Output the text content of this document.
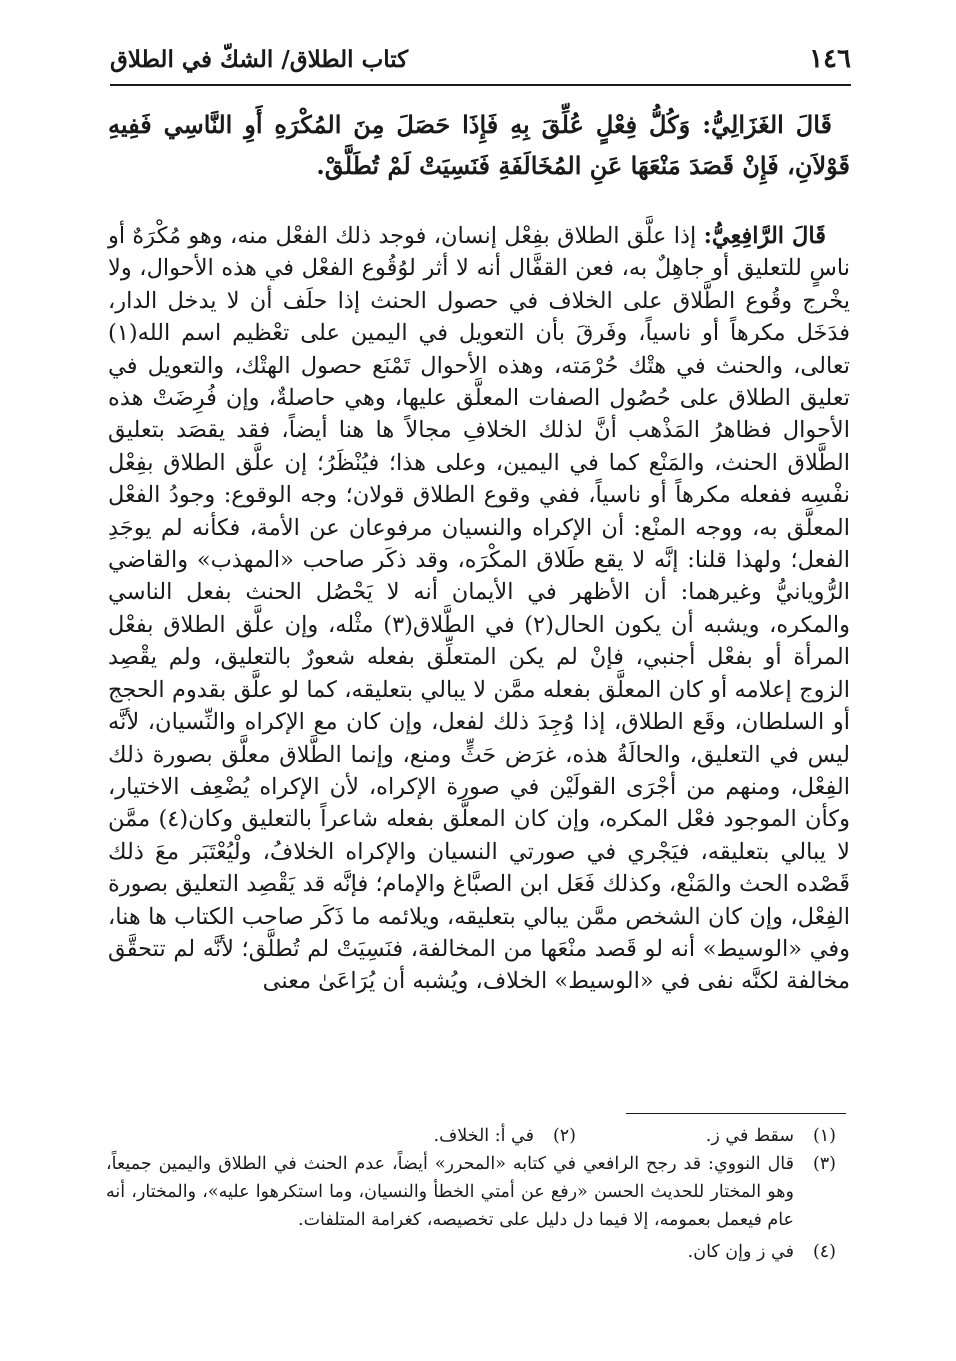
١٤٦
كتاب الطلاق/ الشكّ في الطلاق

قَالَ الغَزَالِيُّ: وَكُلُّ فِعْلٍ عُلِّقَ بِهِ فَإِذَا حَصَلَ مِنَ المُكْرَهِ أَوِ النَّاسِي فَفِيهِ قَوْلاَنِ، فَإِنْ قَصَدَ مَنْعَهَا عَنِ المُخَالَفَةِ فَنَسِيَتْ لَمْ تُطَلَّقْ.

قَالَ الرَّافِعِيُّ: إذا علَّق الطلاق بفِعْل إنسان، فوجد ذلك الفعْل منه، وهو مُكْرَهٌ أو ناسٍ للتعليق أو جاهِلٌ به، فعن القفَّال أنه لا أثر لوُقُوع الفعْل في هذه الأحوال، ولا يخْرج وقُوع الطَّلاق على الخلاف في حصول الحنث إذا حلَف أن لا يدخل الدار، فدَخَل مكرهاً أو ناسياً، وفَرقَ بأن التعويل في اليمين على تعْظيم اسم الله(١) تعالى، والحنث في هتْك حُرْمَته، وهذه الأحوال تَمْنَع حصول الهتْك، والتعويل في تعليق الطلاق على حُصُول الصفات المعلَّق عليها، وهي حاصلةٌ، وإن فُرِضَتْ هذه الأحوال فظاهرُ المَذْهب أنَّ لذلك الخلافِ مجالاً ها هنا أيضاً، فقد يقصَد بتعليق الطَّلاق الحنث، والمَنْع كما في اليمين، وعلى هذا؛ فيُنْظَرُ؛ إن علَّق الطلاق بفِعْل نفْسِه ففعله مكرهاً أو ناسياً، ففي وقوع الطلاق قولان؛ وجه الوقوع: وجودُ الفعْل المعلَّق به، ووجه المنْع: أن الإكراه والنسيان مرفوعان عن الأمة، فكأنه لم يوجَدِ الفعل؛ ولهذا قلنا: إنَّه لا يقع طَلاق المكْرَه، وقد ذكَر صاحب «المهذب» والقاضي الرُّويانيُّ وغيرهما: أن الأظهر في الأيمان أنه لا يَحْصُل الحنث بفعل الناسي والمكره، ويشبه أن يكون الحال(٢) في الطَّلاق(٣) مثْله، وإن علَّق الطلاق بفعْل المرأة أو بفعْل أجنبي، فإنْ لم يكن المتعلِّق بفعله شعورٌ بالتعليق، ولم يقْصِد الزوج إعلامه أو كان المعلَّق بفعله ممَّن لا يبالي بتعليقه، كما لو علَّق بقدوم الحجج أو السلطان، وقَع الطلاق، إذا وُجِدَ ذلك لفعل، وإن كان مع الإكراه والنِّسيان، لأنَّه ليس في التعليق، والحالَةُ هذه، غرَض حَثٍّ ومنع، وإنما الطَّلاق معلَّق بصورة ذلك الفِعْل، ومنهم من أجْرَى القولَيْن في صورة الإكراه، لأن الإكراه يُضْعِف الاختيار، وكأن الموجود فعْل المكره، وإن كان المعلَّق بفعله شاعراً بالتعليق وكان(٤) ممَّن لا يبالي بتعليقه، فيَجْري في صورتي النسيان والإكراه الخلافُ، ولْيُعْتَبَر معَ ذلك قَصْده الحث والمَنْع، وكذلك فَعَل ابن الصبَّاغ والإمام؛ فإنَّه قد يَقْصِد التعليق بصورة الفِعْل، وإن كان الشخص ممَّن يبالي بتعليقه، ويلائمه ما ذَكَر صاحب الكتاب ها هنا، وفي «الوسيط» أنه لو قَصد منْعَها من المخالفة، فنَسِيَتْ لم تُطلَّق؛ لأنَّه لم تتحقَّق مخالفة لكنَّه نفى في «الوسيط» الخلاف، ويُشبه أن يُرَاعَىٰ معنى

(١)
سقط في ز.
(٢)
في أ: الخلاف.
(٣)
قال النووي: قد رجح الرافعي في كتابه «المحرر» أيضاً، عدم الحنث في الطلاق واليمين جميعاً، وهو المختار للحديث الحسن «رفع عن أمتي الخطأ والنسيان، وما استكرهوا عليه»، والمختار، أنه عام فيعمل بعمومه، إلا فيما دل دليل على تخصيصه، كغرامة المتلفات.
(٤)
في ز وإن كان.
